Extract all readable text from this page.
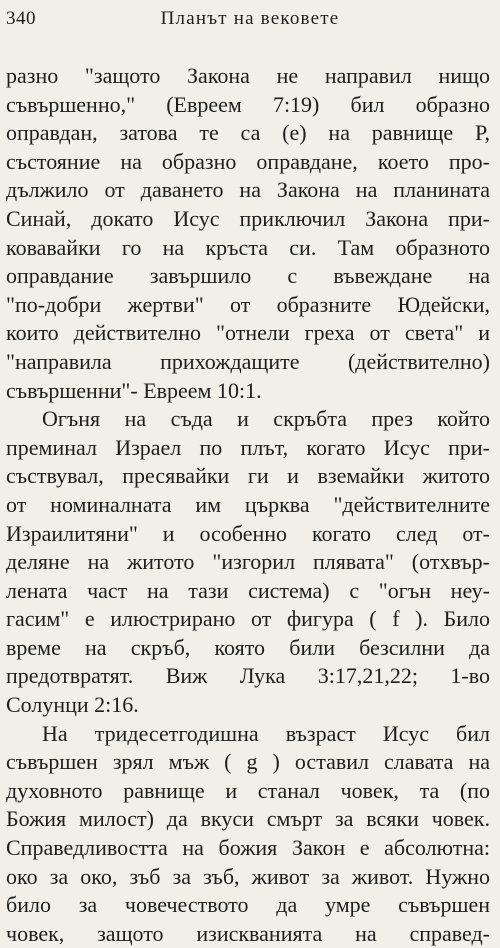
340	Планът на вековете
разно "защото Закона не направил нищо
съвършенно," (Евреем 7:19) бил образно
оправдан, затова те са (е) на равнище Р,
състояние на образно оправдане, което про-
дължило от даването на Закона на планината
Синай, докато Исус приключил Закона при-
ковавайки го на кръста си. Там образното
оправдание завършило с въвеждане на
"по-добри жертви" от образните Юдейски,
които действително "отнели греха от света" и
"направила прихождащите (действително)
съвършенни"- Евреем 10:1.
Огъня на съда и скръбта през който
преминал Израел по плът, когато Исус при-
съствувал, пресявайки ги и вземайки житото
от номиналната им църква "действителните
Израилитяни" и особенно когато след от-
деляне на житото "изгорил плявата" (отхвър-
лената част на тази система) с "огън неу-
гасим" е илюстрирано от фигура ( f ). Било
време на скръб, която били безсилни да
предотвратят. Виж Лука 3:17,21,22; 1-во
Солунци 2:16.
На тридесетгодишна възраст Исус бил
съвършен зрял мъж ( g ) оставил славата на
духовното равнище и станал човек, та (по
Божия милост) да вкуси смърт за всяки човек.
Справедливостта на божия Закон е абсолютна:
око за око, зъб за зъб, живот за живот. Нужно
било за човечеството да умре съвършен
човек, защото изискванията на справед-
